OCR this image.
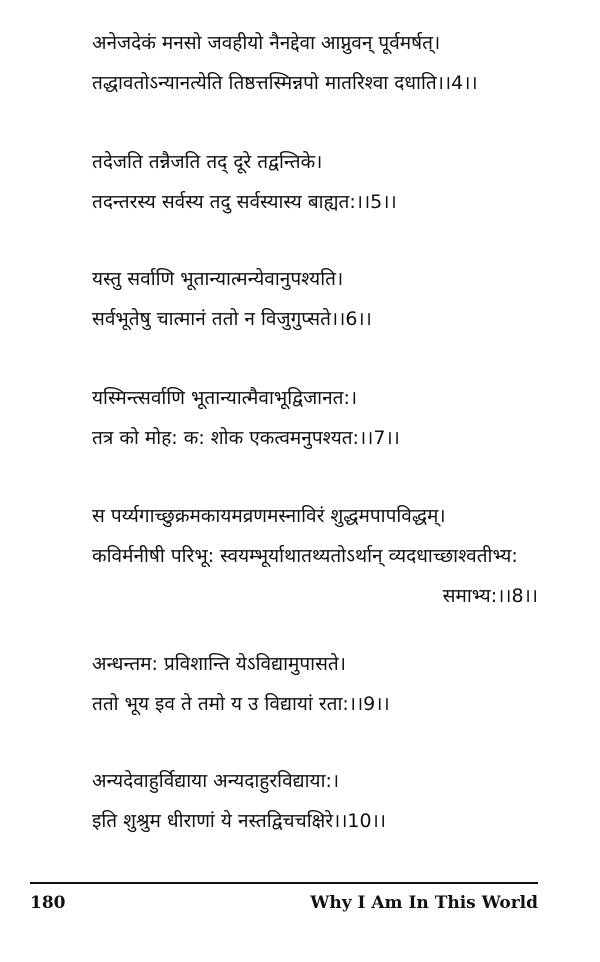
अनेजदेकं मनसो जवहीयो नैनद्देवा आप्नुवन् पूर्वमर्षत्।
तद्धावतोऽन्यानत्येति तिष्ठत्तस्मिन्नपो मातरिश्वा दधाति।।4।।
तदेजति तन्नैजति तद् दूरे तद्वन्तिके।
तदन्तरस्य सर्वस्य तदु सर्वस्यास्य बाह्यत:।।5।।
यस्तु सर्वाणि भूतान्यात्मन्येवानुपश्यति।
सर्वभूतेषु चात्मानं ततो न विजुगुप्सते।।6।।
यस्मिन्त्सर्वाणि भूतान्यात्मैवाभूद्विजानत:।
तत्र को मोह: क: शोक एकत्वमनुपश्यत:।।7।।
स पर्य्यगाच्छुक्रमकायमव्रणमस्नाविरं शुद्धमपापविद्धम्।
कविर्मनीषी परिभू: स्वयम्भूर्याथातथ्यतोऽर्थान् व्यदधाच्छाश्वतीभ्य:
समाभ्य:।।8।।
अन्धन्तम: प्रविशान्ति येऽविद्यामुपासते।
ततो भूय इव ते तमो य उ विद्यायां रता:।।9।।
अन्यदेवाहुर्विद्याया अन्यदाहुरविद्याया:।
इति शुश्रुम धीराणां ये नस्तद्विचचक्षिरे।।10।।
180	Why I Am In This World
